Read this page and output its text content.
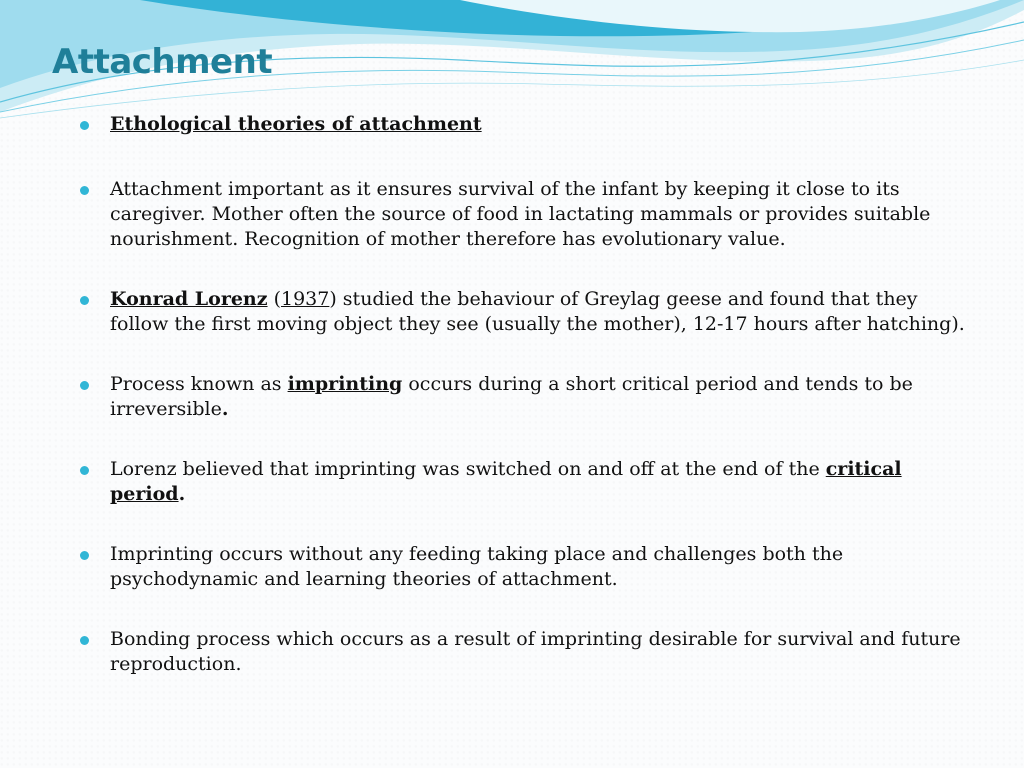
Attachment
Ethological theories of attachment
Attachment important as it ensures survival of the infant by keeping it close to its caregiver. Mother often the source of food in lactating mammals or provides suitable nourishment. Recognition of mother therefore has evolutionary value.
Konrad Lorenz (1937) studied the behaviour of Greylag geese and found that they follow the first moving object they see (usually the mother), 12-17 hours after hatching).
Process known as imprinting occurs during a short critical period and tends to be irreversible.
Lorenz believed that imprinting was switched on and off at the end of the critical period.
Imprinting occurs without any feeding taking place and challenges both the psychodynamic and learning theories of attachment.
Bonding process which occurs as a result of imprinting desirable for survival and future reproduction.
